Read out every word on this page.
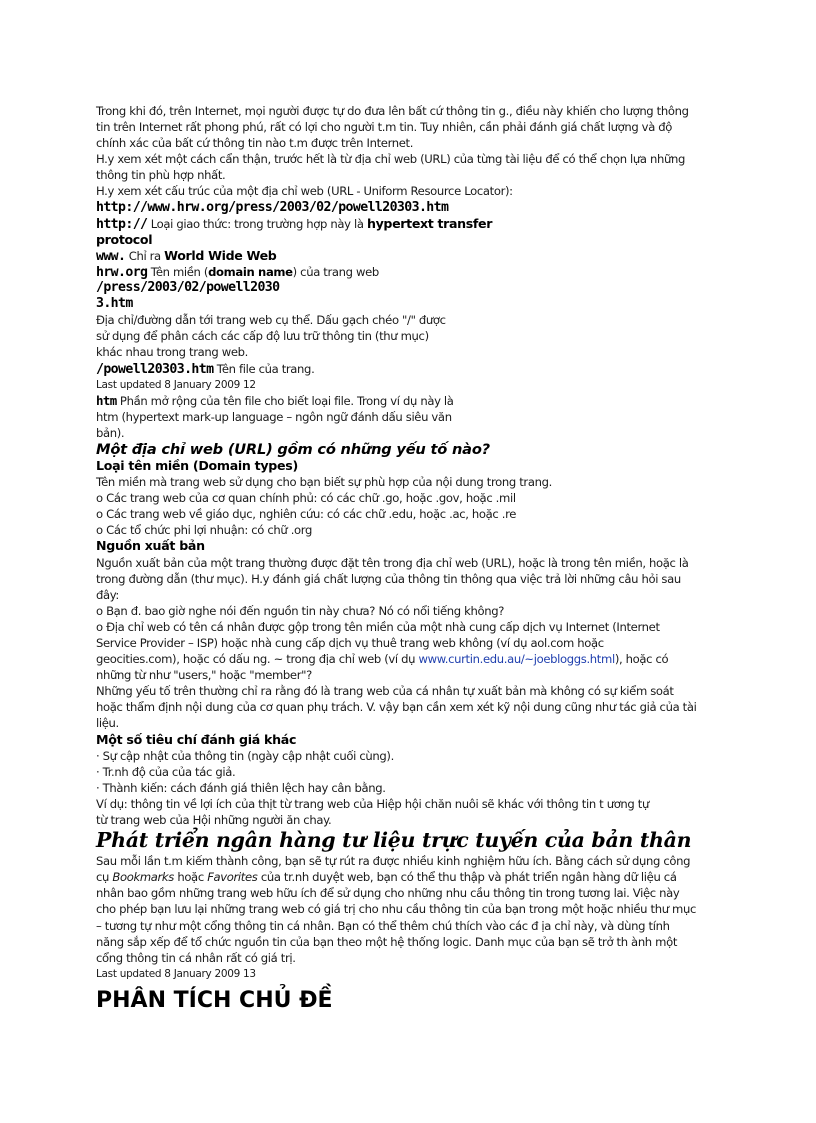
Trong khi đó, trên Internet, mọi người được tự do đưa lên bất cứ thông tin g., điều này khiến cho lượng thông
tin trên Internet rất phong phú, rất có lợi cho người t.m tin. Tuy nhiên, cần phải đánh giá chất lượng và độ
chính xác của bất cứ thông tin nào t.m được trên Internet.
H.y xem xét một cách cẩn thận, trước hết là từ địa chỉ web (URL) của từng tài liệu để có thể chọn lựa những
thông tin phù hợp nhất.
H.y xem xét cấu trúc của một địa chỉ web (URL - Uniform Resource Locator):
http://www.hrw.org/press/2003/02/powell20303.htm
http:// Loại giao thức: trong trường hợp này là hypertext transfer
protocol
www. Chỉ ra World Wide Web
hrw.org Tên miền (domain name) của trang web
/press/2003/02/powell2030
3.htm
Địa chỉ/đường dẫn tới trang web cụ thể. Dấu gạch chéo "/" được
sử dụng để phân cách các cấp độ lưu trữ thông tin (thư mục)
khác nhau trong trang web.
/powell20303.htm Tên file của trang.
Last updated 8 January 2009 12
htm Phần mở rộng của tên file cho biết loại file. Trong ví dụ này là
htm (hypertext mark-up language – ngôn ngữ đánh dấu siêu văn
bản).
Một địa chỉ web (URL) gồm có những yếu tố nào?
Loại tên miền (Domain types)
Tên miền mà trang web sử dụng cho bạn biết sự phù hợp của nội dung trong trang.
o Các trang web của cơ quan chính phủ: có các chữ .go, hoặc .gov, hoặc .mil
o Các trang web về giáo dục, nghiên cứu: có các chữ .edu, hoặc .ac, hoặc .re
o Các tổ chức phi lợi nhuận: có chữ .org
Nguồn xuất bản
Nguồn xuất bản của một trang thường được đặt tên trong địa chỉ web (URL), hoặc là trong tên miền, hoặc là
trong đường dẫn (thư mục). H.y đánh giá chất lượng của thông tin thông qua việc trả lời những câu hỏi sau
đây:
o Bạn đ. bao giờ nghe nói đến nguồn tin này chưa? Nó có nổi tiếng không?
o Địa chỉ web có tên cá nhân được gộp trong tên miền của một nhà cung cấp dịch vụ Internet (Internet
Service Provider – ISP) hoặc nhà cung cấp dịch vụ thuê trang web không (ví dụ aol.com hoặc
geocities.com), hoặc có dấu ng. ~ trong địa chỉ web (ví dụ www.curtin.edu.au/~joebloggs.html), hoặc có
những từ như "users," hoặc "member"?
Những yếu tố trên thường chỉ ra rằng đó là trang web của cá nhân tự xuất bản mà không có sự kiểm soát
hoặc thẩm định nội dung của cơ quan phụ trách. V. vậy bạn cần xem xét kỹ nội dung cũng như tác giả của tài
liệu.
Một số tiêu chí đánh giá khác
· Sự cập nhật của thông tin (ngày cập nhật cuối cùng).
· Tr.nh độ của của tác giả.
· Thành kiến: cách đánh giá thiên lệch hay cân bằng.
Ví dụ: thông tin về lợi ích của thịt từ trang web của Hiệp hội chăn nuôi sẽ khác với thông tin t ương tự
từ trang web của Hội những người ăn chay.
Phát triển ngân hàng tư liệu trực tuyến của bản thân
Sau mỗi lần t.m kiếm thành công, bạn sẽ tự rút ra được nhiều kinh nghiệm hữu ích. Bằng cách sử dụng công
cụ Bookmarks hoặc Favorites của tr.nh duyệt web, bạn có thể thu thập và phát triển ngân hàng dữ liệu cá
nhân bao gồm những trang web hữu ích để sử dụng cho những nhu cầu thông tin trong tương lai. Việc này
cho phép bạn lưu lại những trang web có giá trị cho nhu cầu thông tin của bạn trong một hoặc nhiều thư mục
– tương tự như một cổng thông tin cá nhân. Bạn có thể thêm chú thích vào các đ ịa chỉ này, và dùng tính
năng sắp xếp để tổ chức nguồn tin của bạn theo một hệ thống logic. Danh mục của bạn sẽ trở th ành một
cổng thông tin cá nhân rất có giá trị.
Last updated 8 January 2009 13
PHÂN TÍCH CHỦ ĐỀ
